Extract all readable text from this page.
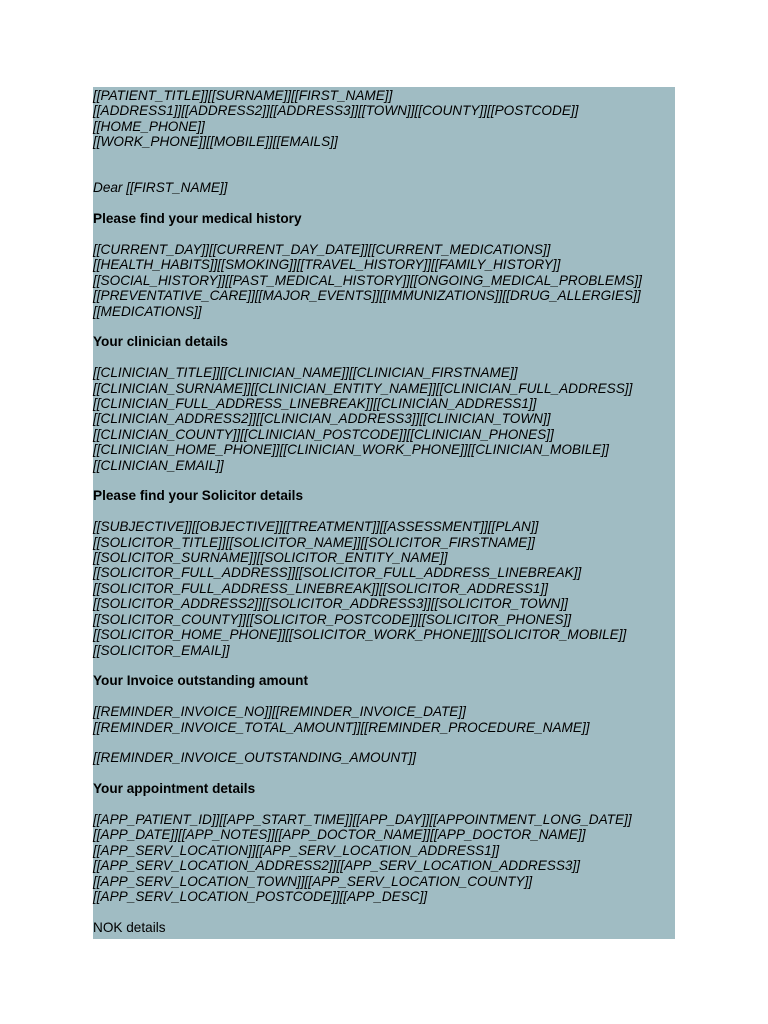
[[PATIENT_TITLE]][[SURNAME]][[FIRST_NAME]]
[[ADDRESS1]][[ADDRESS2]][[ADDRESS3]][[TOWN]][[COUNTY]][[POSTCODE]]
[[HOME_PHONE]]
[[WORK_PHONE]][[MOBILE]][[EMAILS]]
Dear [[FIRST_NAME]]
Please find your medical history
[[CURRENT_DAY]][[CURRENT_DAY_DATE]][[CURRENT_MEDICATIONS]]
[[HEALTH_HABITS]][[SMOKING]][[TRAVEL_HISTORY]][[FAMILY_HISTORY]]
[[SOCIAL_HISTORY]][[PAST_MEDICAL_HISTORY]][[ONGOING_MEDICAL_PROBLEMS]]
[[PREVENTATIVE_CARE]][[MAJOR_EVENTS]][[IMMUNIZATIONS]][[DRUG_ALLERGIES]]
[[MEDICATIONS]]
Your clinician details
[[CLINICIAN_TITLE]][[CLINICIAN_NAME]][[CLINICIAN_FIRSTNAME]]
[[CLINICIAN_SURNAME]][[CLINICIAN_ENTITY_NAME]][[CLINICIAN_FULL_ADDRESS]]
[[CLINICIAN_FULL_ADDRESS_LINEBREAK]][[CLINICIAN_ADDRESS1]]
[[CLINICIAN_ADDRESS2]][[CLINICIAN_ADDRESS3]][[CLINICIAN_TOWN]]
[[CLINICIAN_COUNTY]][[CLINICIAN_POSTCODE]][[CLINICIAN_PHONES]]
[[CLINICIAN_HOME_PHONE]][[CLINICIAN_WORK_PHONE]][[CLINICIAN_MOBILE]]
[[CLINICIAN_EMAIL]]
Please find your Solicitor details
[[SUBJECTIVE]][[OBJECTIVE]][[TREATMENT]][[ASSESSMENT]][[PLAN]]
[[SOLICITOR_TITLE]][[SOLICITOR_NAME]][[SOLICITOR_FIRSTNAME]]
[[SOLICITOR_SURNAME]][[SOLICITOR_ENTITY_NAME]]
[[SOLICITOR_FULL_ADDRESS]][[SOLICITOR_FULL_ADDRESS_LINEBREAK]]
[[SOLICITOR_FULL_ADDRESS_LINEBREAK]][[SOLICITOR_ADDRESS1]]
[[SOLICITOR_ADDRESS2]][[SOLICITOR_ADDRESS3]][[SOLICITOR_TOWN]]
[[SOLICITOR_COUNTY]][[SOLICITOR_POSTCODE]][[SOLICITOR_PHONES]]
[[SOLICITOR_HOME_PHONE]][[SOLICITOR_WORK_PHONE]][[SOLICITOR_MOBILE]]
[[SOLICITOR_EMAIL]]
Your Invoice outstanding amount
[[REMINDER_INVOICE_NO]][[REMINDER_INVOICE_DATE]]
[[REMINDER_INVOICE_TOTAL_AMOUNT]][[REMINDER_PROCEDURE_NAME]]
[[REMINDER_INVOICE_OUTSTANDING_AMOUNT]]
Your appointment details
[[APP_PATIENT_ID]][[APP_START_TIME]][[APP_DAY]][[APPOINTMENT_LONG_DATE]]
[[APP_DATE]][[APP_NOTES]][[APP_DOCTOR_NAME]][[APP_DOCTOR_NAME]]
[[APP_SERV_LOCATION]][[APP_SERV_LOCATION_ADDRESS1]]
[[APP_SERV_LOCATION_ADDRESS2]][[APP_SERV_LOCATION_ADDRESS3]]
[[APP_SERV_LOCATION_TOWN]][[APP_SERV_LOCATION_COUNTY]]
[[APP_SERV_LOCATION_POSTCODE]][[APP_DESC]]
NOK details
